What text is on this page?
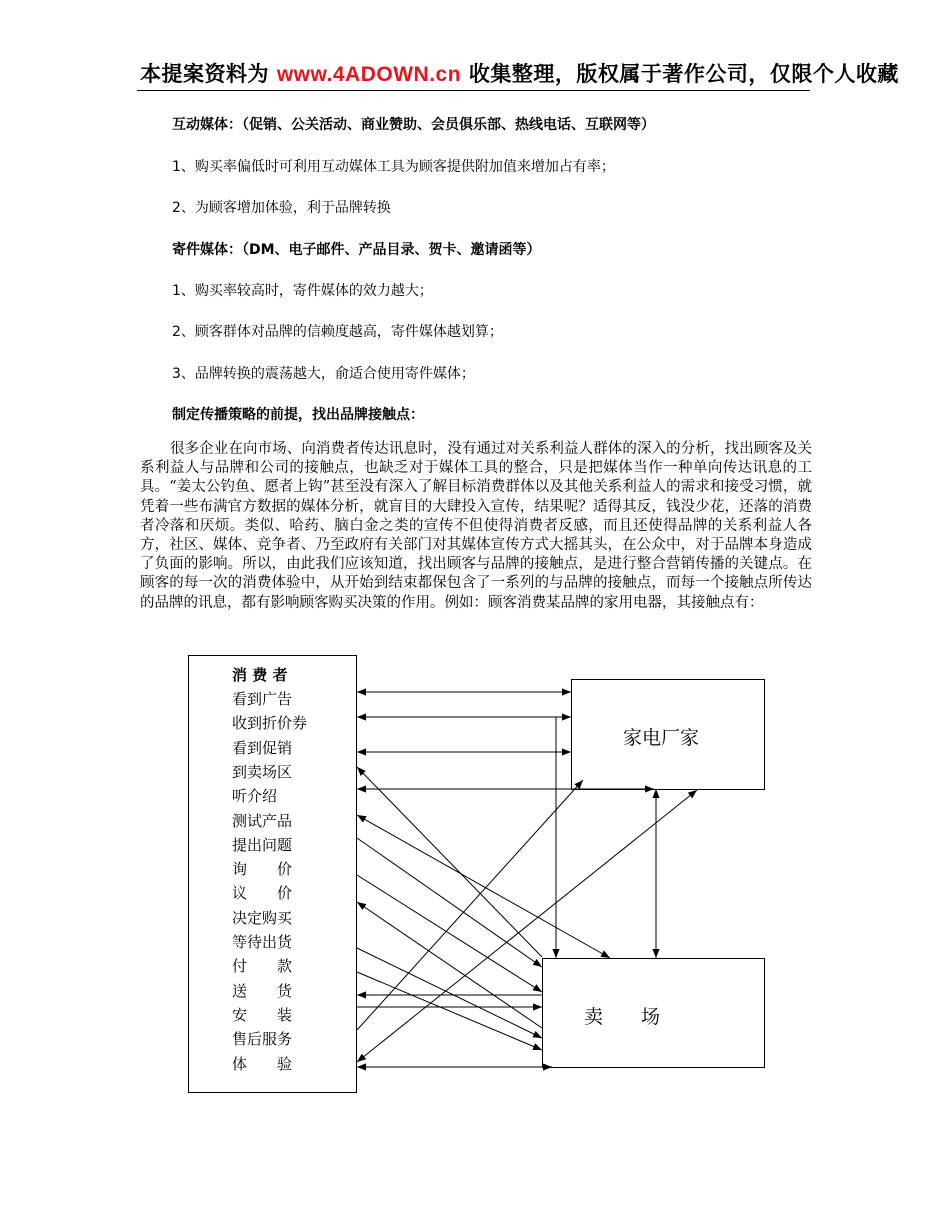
本提案资料为 www.4ADOWN.cn 收集整理，版权属于著作公司，仅限个人收藏
互动媒体：（促销、公关活动、商业赞助、会员俱乐部、热线电话、互联网等）
1、购买率偏低时可利用互动媒体工具为顾客提供附加值来增加占有率；
2、为顾客增加体验，利于品牌转换
寄件媒体：（DM、电子邮件、产品目录、贺卡、邀请函等）
1、购买率较高时，寄件媒体的效力越大；
2、顾客群体对品牌的信赖度越高，寄件媒体越划算；
3、品牌转换的震荡越大，俞适合使用寄件媒体；
制定传播策略的前提，找出品牌接触点：
很多企业在向市场、向消费者传达讯息时，没有通过对关系利益人群体的深入的分析，找出顾客及关系利益人与品牌和公司的接触点，也缺乏对于媒体工具的整合，只是把媒体当作一种单向传达讯息的工具。“姜太公钓鱼、愿者上钩”甚至没有深入了解目标消费群体以及其他关系利益人的需求和接受习惯，就凭着一些布满官方数据的媒体分析，就盲目的大肆投入宣传，结果呢？适得其反，钱没少花，还落的消费者冷落和厌烦。类似、哈药、脑白金之类的宣传不但使得消费者反感，而且还使得品牌的关系利益人各方，社区、媒体、竞争者、乃至政府有关部门对其媒体宣传方式大摇其头，在公众中，对于品牌本身造成了负面的影响。所以，由此我们应该知道，找出顾客与品牌的接触点，是进行整合营销传播的关键点。在顾客的每一次的消费体验中，从开始到结束都保包含了一系列的与品牌的接触点，而每一个接触点所传达的品牌的讯息，都有影响顾客购买决策的作用。例如：顾客消费某品牌的家用电器，其接触点有：
消 费 者
看到广告
收到折价券
看到促销
到卖场区
听介绍
测试产品
提出问题
询　　价
议　　价
决定购买
等待出货
付　　款
送　　货
安　　装
售后服务
体　　验
家电厂家
卖　　场
